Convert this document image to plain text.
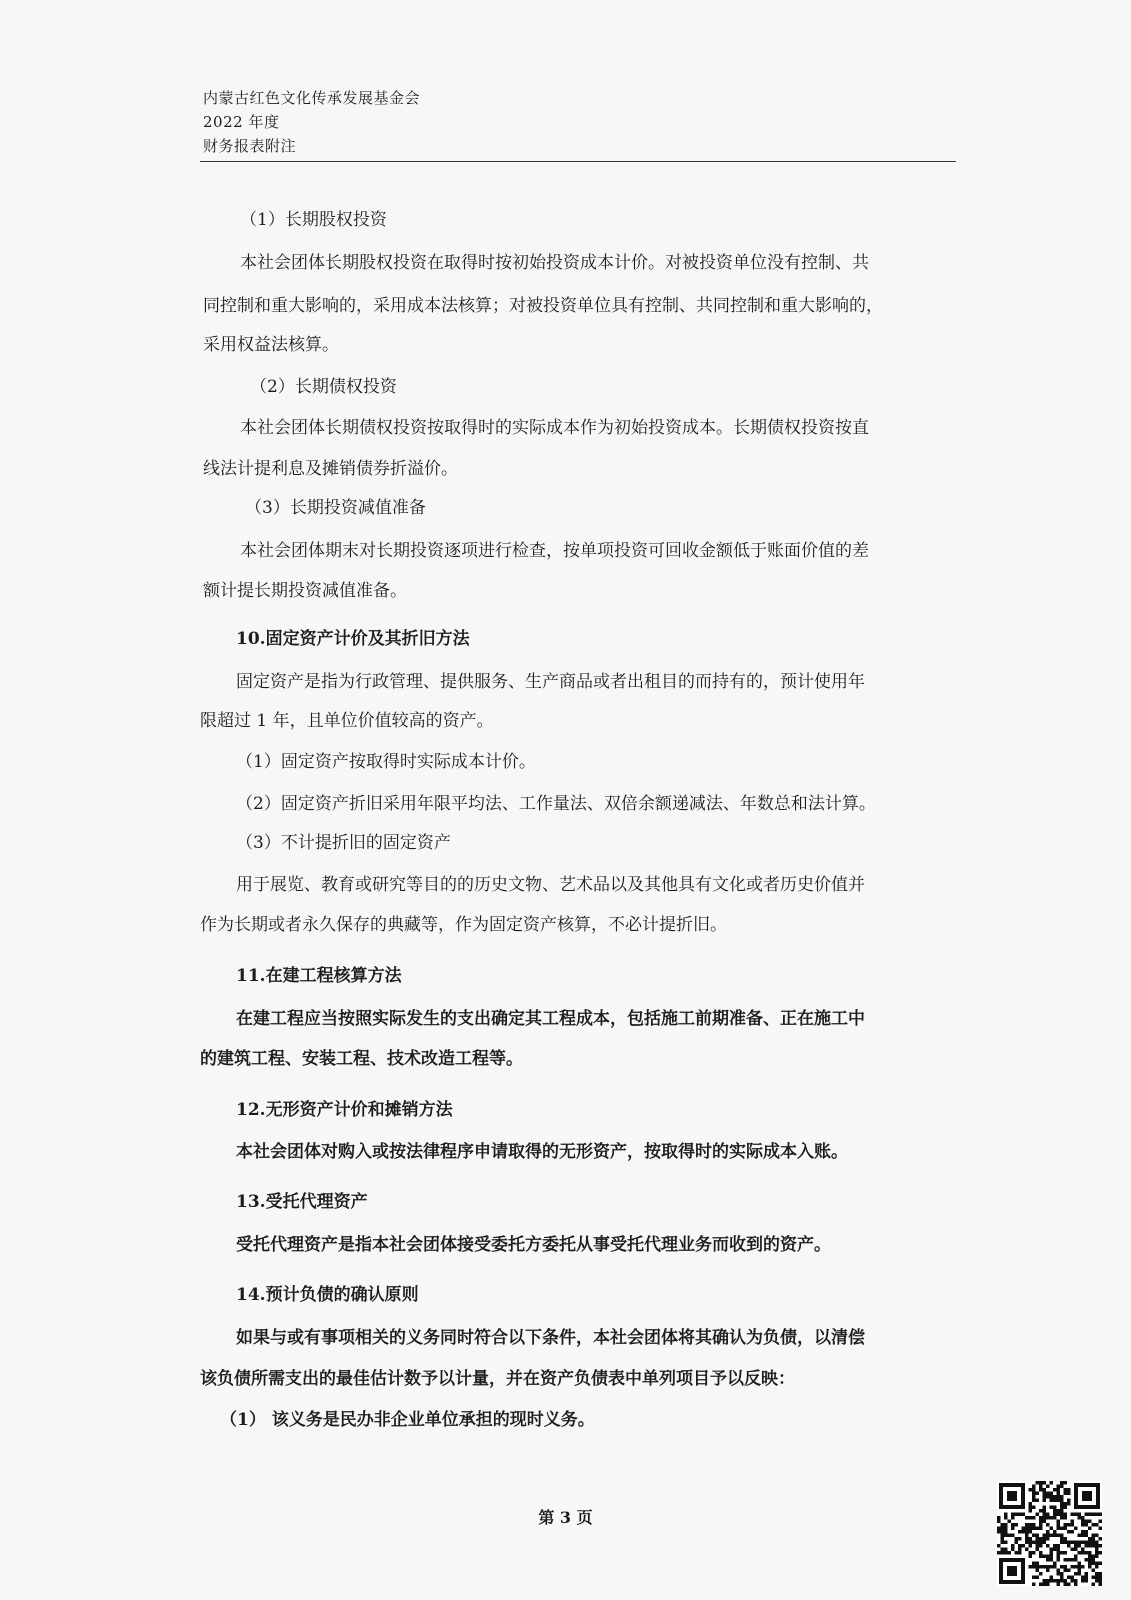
内蒙古红色文化传承发展基金会
2022 年度
财务报表附注
（1）长期股权投资
本社会团体长期股权投资在取得时按初始投资成本计价。对被投资单位没有控制、共
同控制和重大影响的，采用成本法核算；对被投资单位具有控制、共同控制和重大影响的，
采用权益法核算。
（2）长期债权投资
本社会团体长期债权投资按取得时的实际成本作为初始投资成本。长期债权投资按直
线法计提利息及摊销债券折溢价。
（3）长期投资减值准备
本社会团体期末对长期投资逐项进行检查，按单项投资可回收金额低于账面价值的差
额计提长期投资减值准备。
10.固定资产计价及其折旧方法
固定资产是指为行政管理、提供服务、生产商品或者出租目的而持有的，预计使用年
限超过 1 年，且单位价值较高的资产。
（1）固定资产按取得时实际成本计价。
（2）固定资产折旧采用年限平均法、工作量法、双倍余额递减法、年数总和法计算。
（3）不计提折旧的固定资产
用于展览、教育或研究等目的的历史文物、艺术品以及其他具有文化或者历史价值并
作为长期或者永久保存的典藏等，作为固定资产核算，不必计提折旧。
11.在建工程核算方法
在建工程应当按照实际发生的支出确定其工程成本，包括施工前期准备、正在施工中
的建筑工程、安装工程、技术改造工程等。
12.无形资产计价和摊销方法
本社会团体对购入或按法律程序申请取得的无形资产，按取得时的实际成本入账。
13.受托代理资产
受托代理资产是指本社会团体接受委托方委托从事受托代理业务而收到的资产。
14.预计负债的确认原则
如果与或有事项相关的义务同时符合以下条件，本社会团体将其确认为负债，以清偿
该负债所需支出的最佳估计数予以计量，并在资产负债表中单列项目予以反映：
（1） 该义务是民办非企业单位承担的现时义务。
第 3 页
